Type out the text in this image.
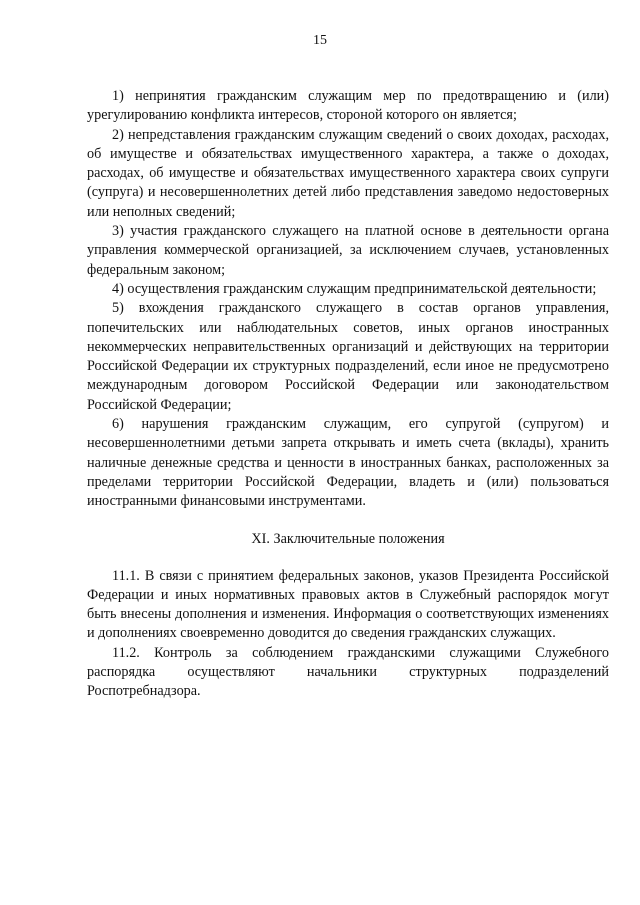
15

1) непринятия гражданским служащим мер по предотвращению и (или) урегулированию конфликта интересов, стороной которого он является;

2) непредставления гражданским служащим сведений о своих доходах, расходах, об имуществе и обязательствах имущественного характера, а также о доходах, расходах, об имуществе и обязательствах имущественного характера своих супруги (супруга) и несовершеннолетних детей либо представления заведомо недостоверных или неполных сведений;

3) участия гражданского служащего на платной основе в деятельности органа управления коммерческой организацией, за исключением случаев, установленных федеральным законом;

4) осуществления гражданским служащим предпринимательской деятельности;

5) вхождения гражданского служащего в состав органов управления, попечительских или наблюдательных советов, иных органов иностранных некоммерческих неправительственных организаций и действующих на территории Российской Федерации их структурных подразделений, если иное не предусмотрено международным договором Российской Федерации или законодательством Российской Федерации;

6) нарушения гражданским служащим, его супругой (супругом) и несовершеннолетними детьми запрета открывать и иметь счета (вклады), хранить наличные денежные средства и ценности в иностранных банках, расположенных за пределами территории Российской Федерации, владеть и (или) пользоваться иностранными финансовыми инструментами.

XI. Заключительные положения

11.1. В связи с принятием федеральных законов, указов Президента Российской Федерации и иных нормативных правовых актов в Служебный распорядок могут быть внесены дополнения и изменения. Информация о соответствующих изменениях и дополнениях своевременно доводится до сведения гражданских служащих.

11.2. Контроль за соблюдением гражданскими служащими Служебного распорядка осуществляют начальники структурных подразделений Роспотребнадзора.
